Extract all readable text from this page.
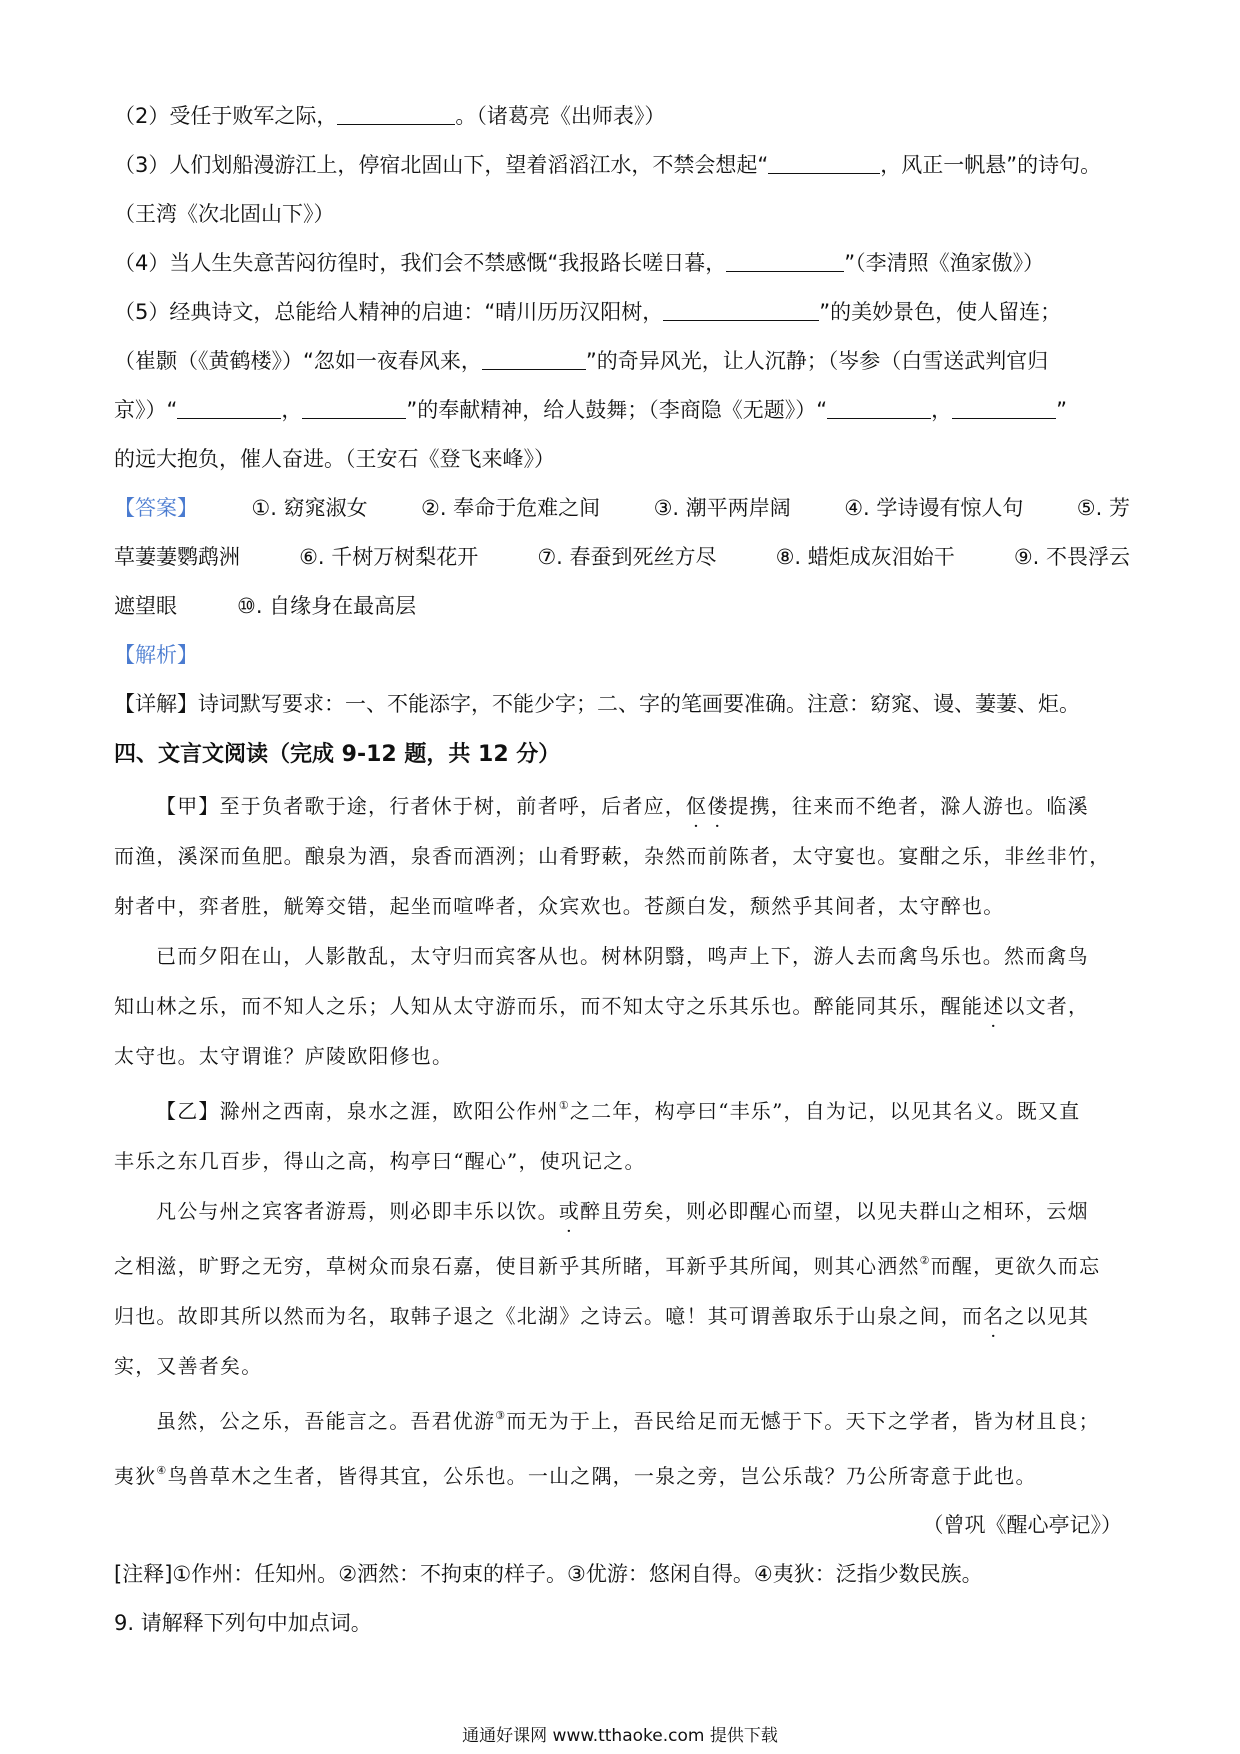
（2）受任于败军之际，	。（诸葛亮《出师表》）
（3）人们划船漫游江上，停宿北固山下，望着滔滔江水，不禁会想起“	，风正一帆悬”的诗句。
（王湾《次北固山下》）
（4）当人生失意苦闷彷徨时，我们会不禁感慨“我报路长嗟日暮，	”（李清照《渔家傲》）
（5）经典诗文，总能给人精神的启迪：“晴川历历汉阳树，	”的美妙景色，使人留连；
（崔颢（《黄鹤楼》）“忽如一夜春风来，	”的奇异风光，让人沉静；（岑参（白雪送武判官归
京》）“	，	”的奉献精神，给人鼓舞；（李商隐《无题》）“	，	”
的远大抱负，催人奋进。（王安石《登飞来峰》）
【答案】	①. 窈窕淑女	②. 奉命于危难之间	③. 潮平两岸阔	④. 学诗谩有惊人句	⑤. 芳
草萋萋鹦鹉洲	⑥. 千树万树梨花开	⑦. 春蚕到死丝方尽	⑧. 蜡炬成灰泪始干	⑨. 不畏浮云
遮望眼	⑩. 自缘身在最高层
【解析】
【详解】诗词默写要求：一、不能添字，不能少字；二、字的笔画要准确。注意：窈窕、谩、萋萋、炬。
四、文言文阅读（完成 9-12 题，共 12 分）
【甲】至于负者歌于途，行者休于树，前者呼，后者应，伛偻提携，往来而不绝者，滁人游也。临溪
而渔，溪深而鱼肥。酿泉为酒，泉香而酒洌；山肴野蔌，杂然而前陈者，太守宴也。宴酣之乐，非丝非竹，
射者中，弈者胜，觥筹交错，起坐而喧哗者，众宾欢也。苍颜白发，颓然乎其间者，太守醉也。
已而夕阳在山，人影散乱，太守归而宾客从也。树林阴翳，鸣声上下，游人去而禽鸟乐也。然而禽鸟
知山林之乐，而不知人之乐；人知从太守游而乐，而不知太守之乐其乐也。醉能同其乐，醒能述以文者，
太守也。太守谓谁？庐陵欧阳修也。
【乙】滁州之西南，泉水之涯，欧阳公作州①之二年，构亭曰“丰乐”，自为记，以见其名义。既又直
丰乐之东几百步，得山之高，构亭曰“醒心”，使巩记之。
凡公与州之宾客者游焉，则必即丰乐以饮。或醉且劳矣，则必即醒心而望，以见夫群山之相环，云烟
之相滋，旷野之无穷，草树众而泉石嘉，使目新乎其所睹，耳新乎其所闻，则其心洒然②而醒，更欲久而忘
归也。故即其所以然而为名，取韩子退之《北湖》之诗云。噫！其可谓善取乐于山泉之间，而名之以见其
实，又善者矣。
虽然，公之乐，吾能言之。吾君优游③而无为于上，吾民给足而无憾于下。天下之学者，皆为材且良；
夷狄④鸟兽草木之生者，皆得其宜，公乐也。一山之隅，一泉之旁，岂公乐哉？乃公所寄意于此也。
（曾巩《醒心亭记》）
[注释]①作州：任知州。②洒然：不拘束的样子。③优游：悠闲自得。④夷狄：泛指少数民族。
9. 请解释下列句中加点词。
通通好课网 www.tthaoke.com 提供下载
